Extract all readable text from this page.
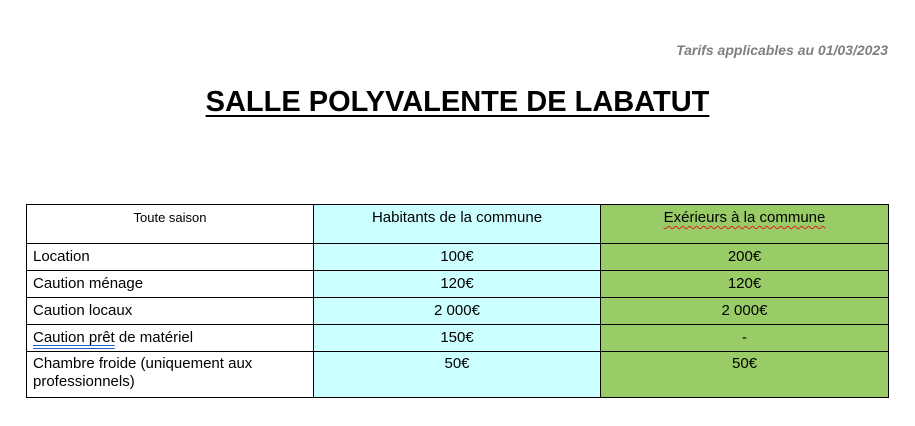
Tarifs applicables au 01/03/2023
SALLE POLYVALENTE DE LABATUT
Toute saison	Habitants de la commune	Exérieurs à la commune
Location	100€	200€
Caution ménage	120€	120€
Caution locaux	2 000€	2 000€
Caution prêt de matériel	150€	-
Chambre froide (uniquement aux professionnels)	50€	50€
